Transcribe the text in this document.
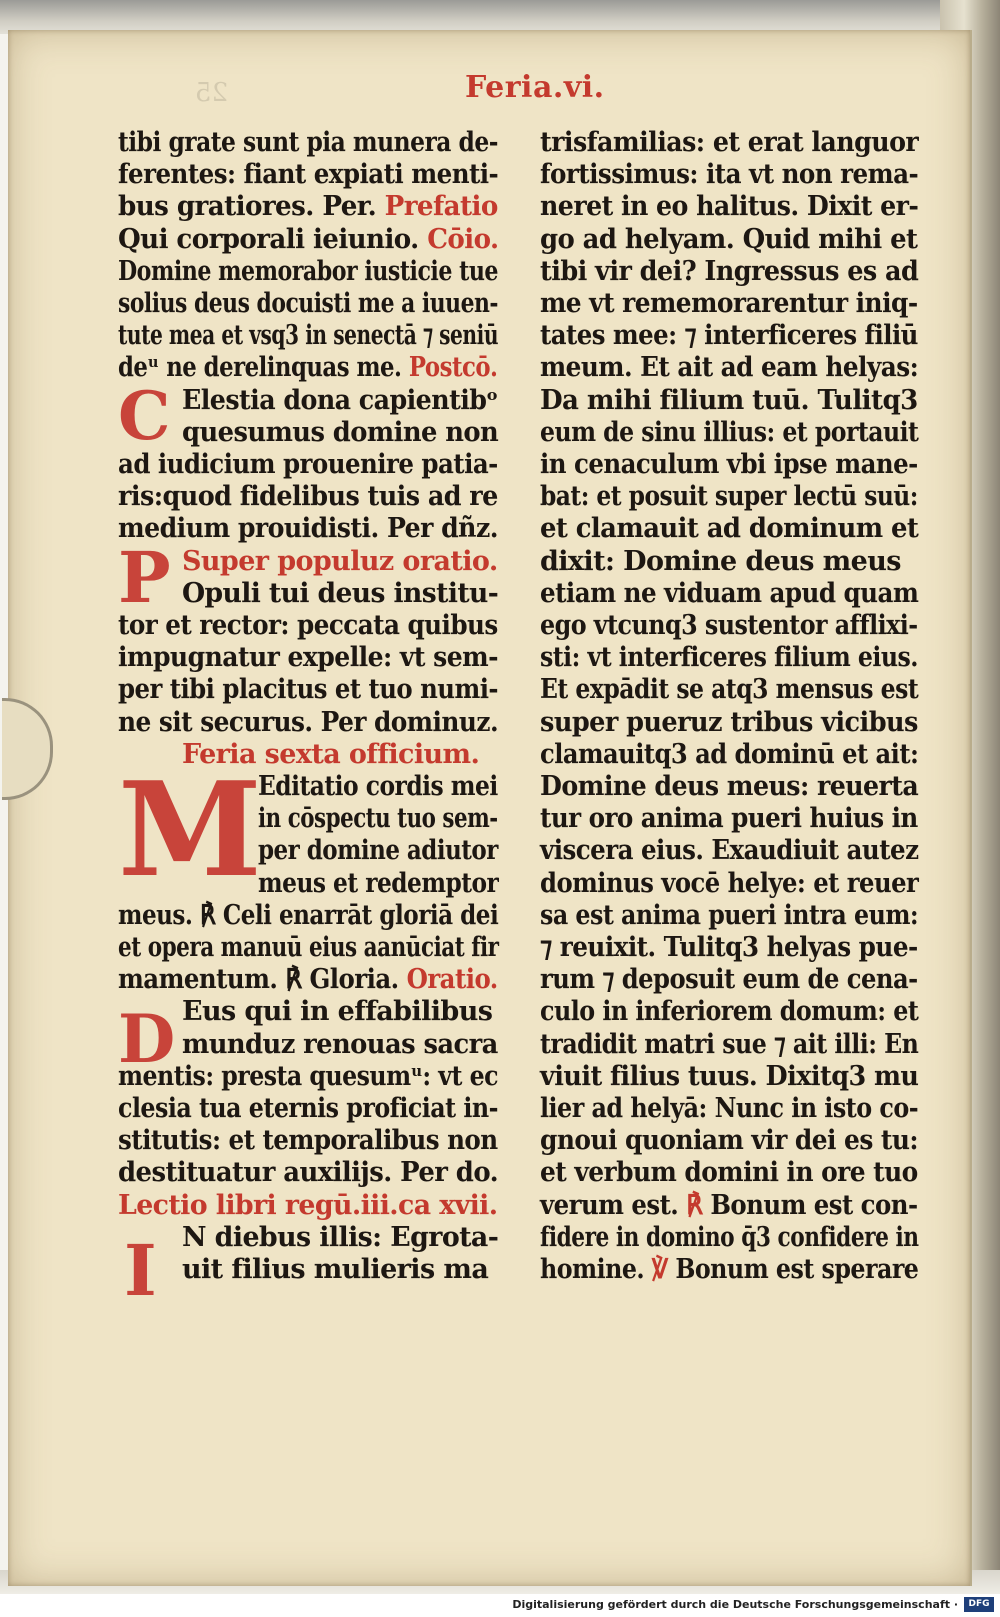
25	Feria.vi.
C
P
M
D
I
tibi grate sunt pia munera de-
ferentes: fiant expiati menti-
bus gratiores. Per. Prefatio
Qui corporali ieiunio. Cōio.
Domine memorabor iusticie tue
solius deus docuisti me a iuuen-
tute mea et vsq3 in senectā ⁊ seniū
deᵘ ne derelinquas me. Postcō.
Elestia dona capientibᵒ
quesumus domine non
ad iudicium prouenire patia-
ris:quod fidelibus tuis ad re
medium prouidisti. Per dñz.
Super populuz oratio.
Opuli tui deus institu-
tor et rector: peccata quibus
impugnatur expelle: vt sem-
per tibi placitus et tuo numi-
ne sit securus. Per dominuz.
Feria sexta officium.
Editatio cordis mei
in cōspectu tuo sem-
per domine adiutor
meus et redemptor
meus. ℟ Celi enarrāt gloriā dei
et opera manuū eius aanūciat fir
mamentum. ℟ Gloria. Oratio.
Eus qui in effabilibus
munduz renouas sacra
mentis: presta quesumᵘ: vt ec
clesia tua eternis proficiat in-
stitutis: et temporalibus non
destituatur auxilijs. Per do.
Lectio libri regū.iii.ca xvii.
N diebus illis: Egrota-
uit filius mulieris ma
trisfamilias: et erat languor
fortissimus: ita vt non rema-
neret in eo halitus. Dixit er-
go ad helyam. Quid mihi et
tibi vir dei? Ingressus es ad
me vt rememorarentur iniq-
tates mee: ⁊ interficeres filiū
meum. Et ait ad eam helyas:
Da mihi filium tuū. Tulitq3
eum de sinu illius: et portauit
in cenaculum vbi ipse mane-
bat: et posuit super lectū suū:
et clamauit ad dominum et
dixit: Domine deus meus
etiam ne viduam apud quam
ego vtcunq3 sustentor afflixi-
sti: vt interficeres filium eius.
Et expādit se atq3 mensus est
super pueruz tribus vicibus
clamauitq3 ad dominū et ait:
Domine deus meus: reuerta
tur oro anima pueri huius in
viscera eius. Exaudiuit autez
dominus vocē helye: et reuer
sa est anima pueri intra eum:
⁊ reuixit. Tulitq3 helyas pue-
rum ⁊ deposuit eum de cena-
culo in inferiorem domum: et
tradidit matri sue ⁊ ait illi: En
viuit filius tuus. Dixitq3 mu
lier ad helyā: Nunc in isto co-
gnoui quoniam vir dei es tu:
et verbum domini in ore tuo
verum est. ℟ Bonum est con-
fidere in domino q̄3 confidere in
homine. ℣ Bonum est sperare
Digitalisierung gefördert durch die Deutsche Forschungsgemeinschaft ·	DFG
